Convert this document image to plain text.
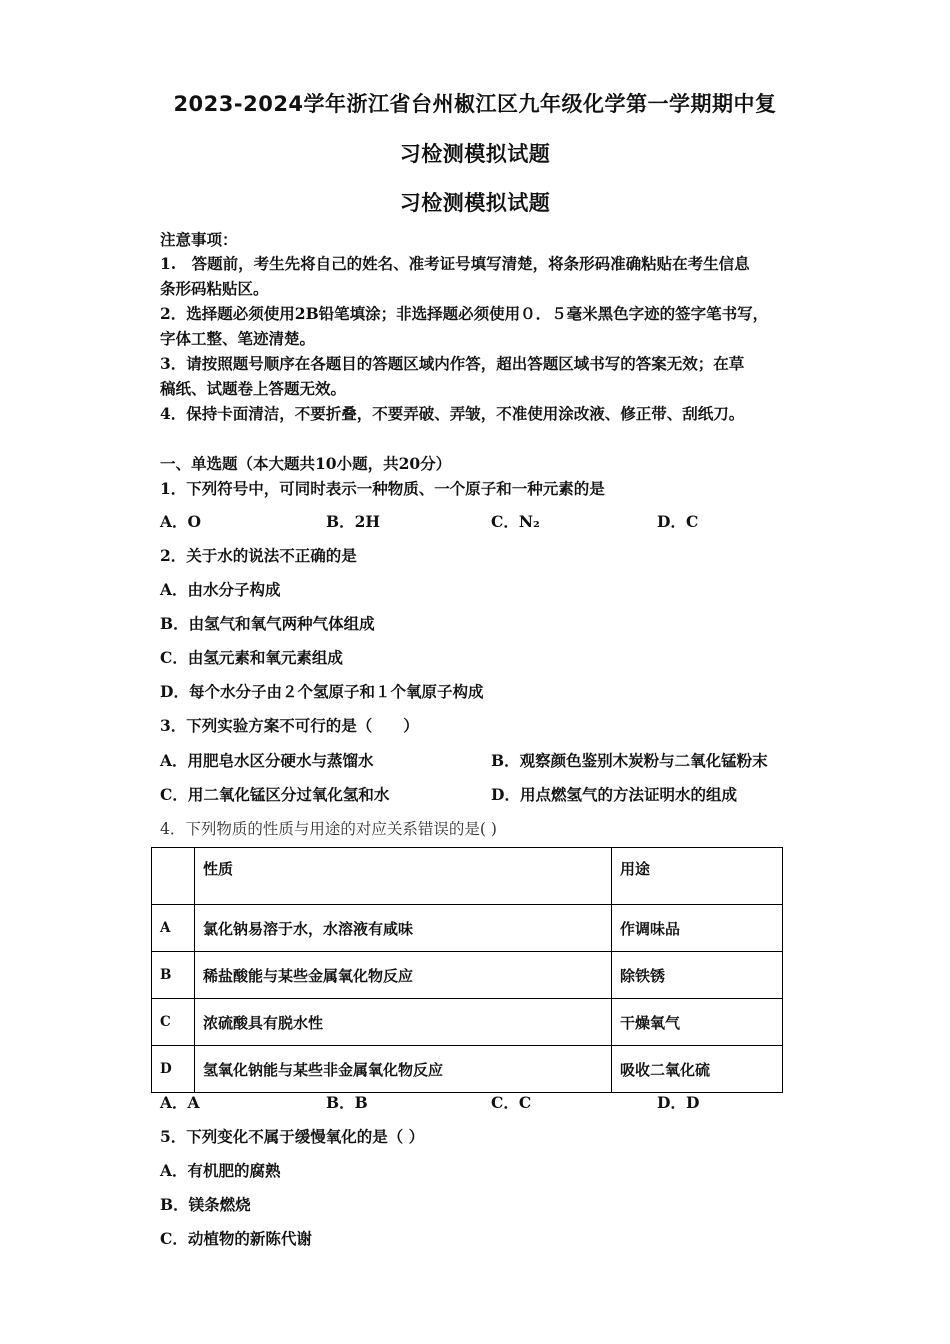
2023-2024学年浙江省台州椒江区九年级化学第一学期期中复
习检测模拟试题
习检测模拟试题
注意事项：
1.　答题前，考生先将自己的姓名、准考证号填写清楚，将条形码准确粘贴在考生信息
条形码粘贴区。
2．选择题必须使用2B铅笔填涂；非选择题必须使用０．５毫米黑色字迹的签字笔书写，
字体工整、笔迹清楚。
3．请按照题号顺序在各题目的答题区域内作答，超出答题区域书写的答案无效；在草
稿纸、试题卷上答题无效。
4．保持卡面清洁，不要折叠，不要弄破、弄皱，不准使用涂改液、修正带、刮纸刀。
一、单选题（本大题共10小题，共20分）
1．下列符号中，可同时表示一种物质、一个原子和一种元素的是
A．O	B．2H	C．N₂	D．C
2．关于水的说法不正确的是
A．由水分子构成
B．由氢气和氧气两种气体组成
C．由氢元素和氧元素组成
D．每个水分子由２个氢原子和１个氧原子构成
3．下列实验方案不可行的是（　　）
A．用肥皂水区分硬水与蒸馏水	B．观察颜色鉴别木炭粉与二氧化锰粉末
C．用二氧化锰区分过氧化氢和水	D．用点燃氢气的方法证明水的组成
4．下列物质的性质与用途的对应关系错误的是( )
	性质	用途
A	氯化钠易溶于水，水溶液有咸味	作调味品
B	稀盐酸能与某些金属氧化物反应	除铁锈
C	浓硫酸具有脱水性	干燥氧气
D	氢氧化钠能与某些非金属氧化物反应	吸收二氧化硫
A．A	B．B	C．C	D．D
5．下列变化不属于缓慢氧化的是（ ）
A．有机肥的腐熟
B．镁条燃烧
C．动植物的新陈代谢
